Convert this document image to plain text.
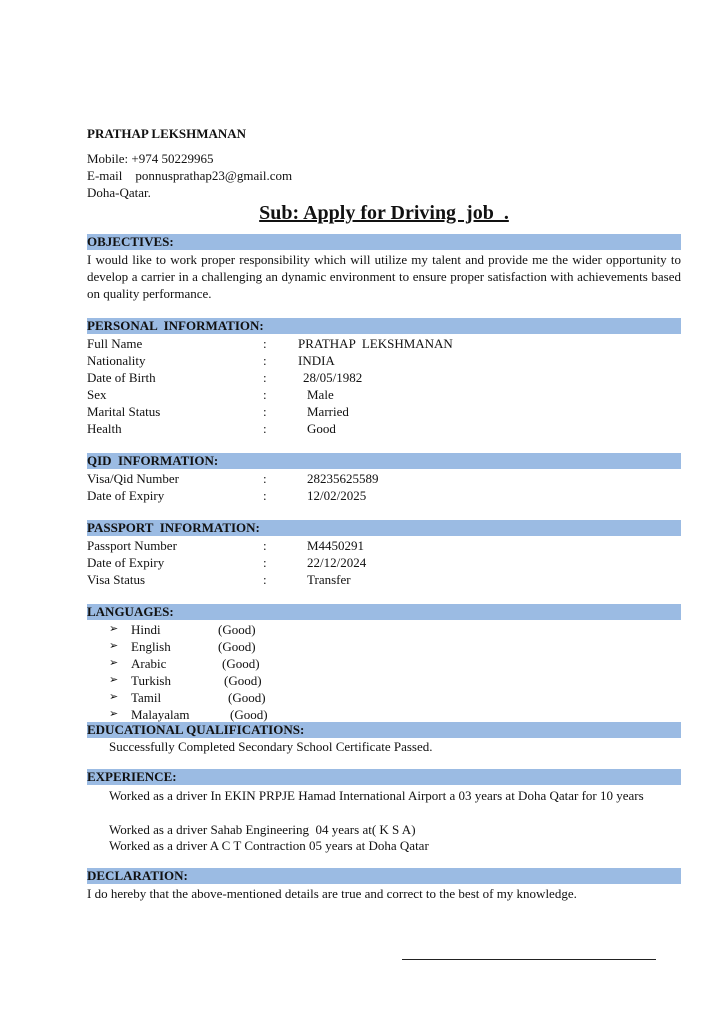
PRATHAP LEKSHMANAN
Mobile: +974 50229965
E-mail    ponnusprathap23@gmail.com
Doha-Qatar.
Sub: Apply for Driving  job  .
OBJECTIVES:
I would like to work proper responsibility which will utilize my talent and provide me the wider opportunity to develop a carrier in a challenging an dynamic environment to ensure proper satisfaction with achievements based on quality performance.
PERSONAL  INFORMATION:
Full Name	: PRATHAP  LEKSHMANAN
Nationality	: INDIA
Date of Birth	:	28/05/1982
Sex	:	Male
Marital Status	:	Married
Health	:	Good
QID  INFORMATION:
Visa/Qid Number	:	28235625589
Date of Expiry	:	12/02/2025
PASSPORT  INFORMATION:
Passport Number	:	M4450291
Date of Expiry	:	22/12/2024
Visa Status	:	Transfer
LANGUAGES:
➢ Hindi	(Good)
➢ English	(Good)
➢ Arabic	(Good)
➢ Turkish	(Good)
➢ Tamil	(Good)
➢ Malayalam	(Good)
EDUCATIONAL QUALIFICATIONS:
Successfully Completed Secondary School Certificate Passed.
EXPERIENCE:
Worked as a driver In EKIN PRPJE Hamad International Airport a 03 years at Doha Qatar for 10 years
Worked as a driver Sahab Engineering  04 years at( K S A)
Worked as a driver A C T Contraction 05 years at Doha Qatar
DECLARATION:
I do hereby that the above-mentioned details are true and correct to the best of my knowledge.
